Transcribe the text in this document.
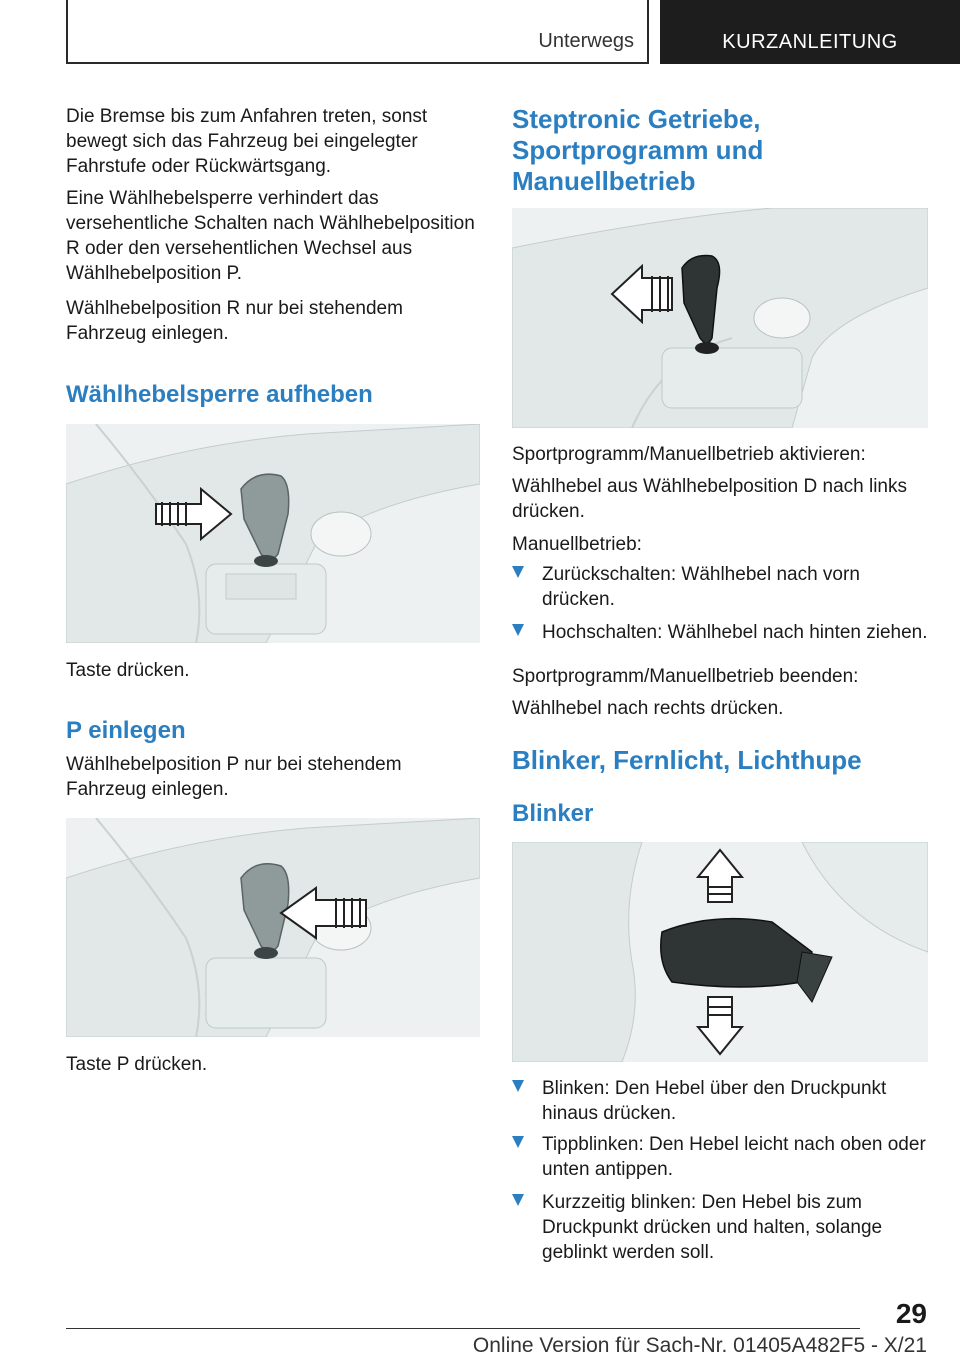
Unterwegs	KURZANLEITUNG

Die Bremse bis zum Anfahren treten, sonst bewegt sich das Fahrzeug bei eingelegter Fahrstufe oder Rückwärtsgang.

Eine Wählhebelsperre verhindert das versehentliche Schalten nach Wählhebelposition R oder den versehentlichen Wechsel aus Wählhebelposition P.

Wählhebelposition R nur bei stehendem Fahrzeug einlegen.

Wählhebelsperre aufheben

Taste drücken.

P einlegen

Wählhebelposition P nur bei stehendem Fahrzeug einlegen.

Taste P drücken.

Steptronic Getriebe, Sportprogramm und Manuellbetrieb

Sportprogramm/Manuellbetrieb aktivieren:

Wählhebel aus Wählhebelposition D nach links drücken.

Manuellbetrieb:

Zurückschalten: Wählhebel nach vorn drücken.

Hochschalten: Wählhebel nach hinten ziehen.

Sportprogramm/Manuellbetrieb beenden:

Wählhebel nach rechts drücken.

Blinker, Fernlicht, Lichthupe
Blinker

Blinken: Den Hebel über den Druckpunkt hinaus drücken.

Tippblinken: Den Hebel leicht nach oben oder unten antippen.

Kurzzeitig blinken: Den Hebel bis zum Druckpunkt drücken und halten, solange geblinkt werden soll.

29
Online Version für Sach-Nr. 01405A482F5 - X/21
